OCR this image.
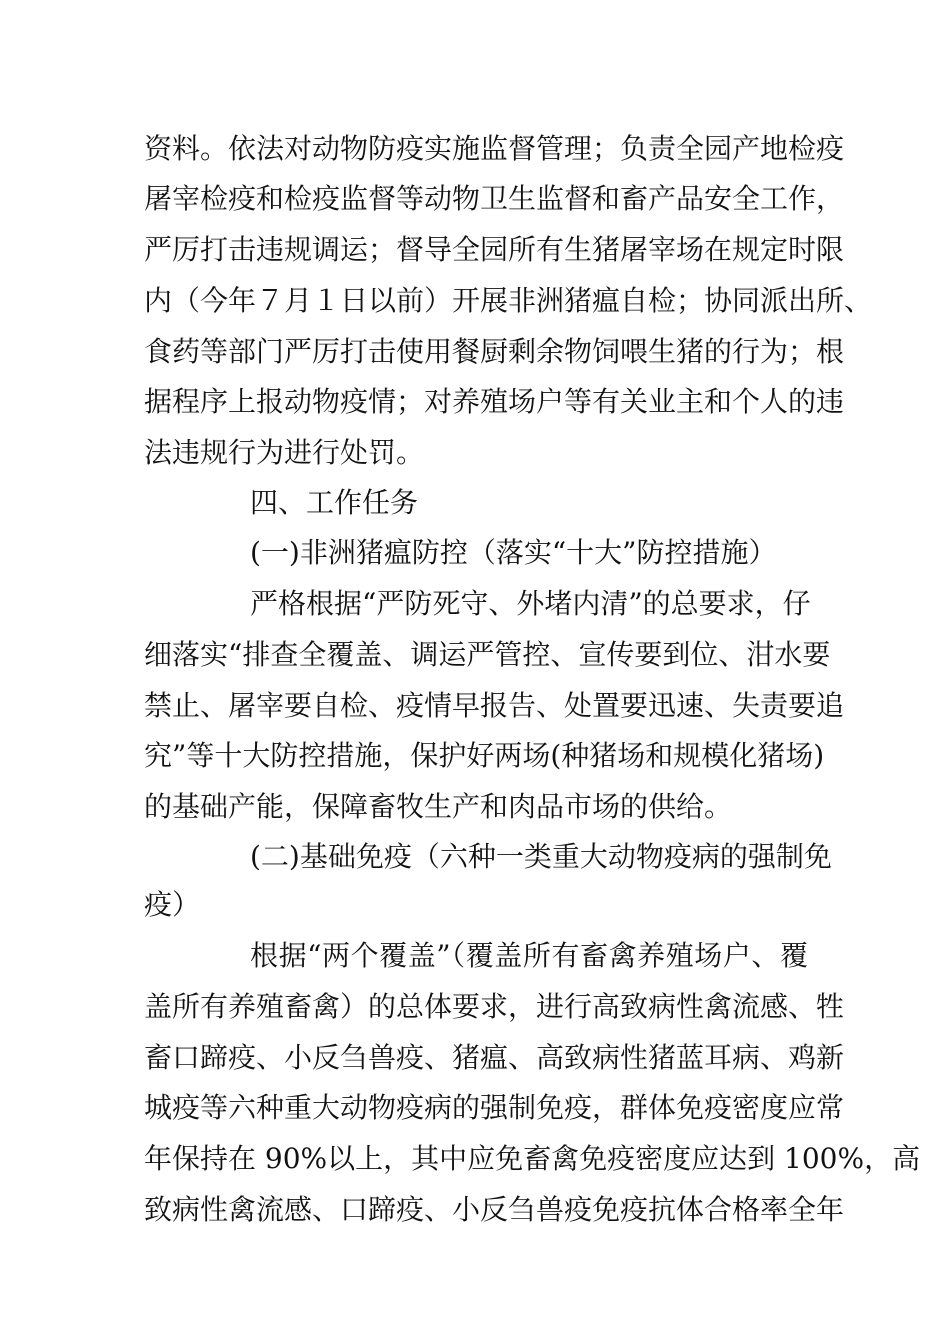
资料。依法对动物防疫实施监督管理；负责全园产地检疫
屠宰检疫和检疫监督等动物卫生监督和畜产品安全工作，
严厉打击违规调运；督导全园所有生猪屠宰场在规定时限
内（今年７月１日以前）开展非洲猪瘟自检；协同派出所、
食药等部门严厉打击使用餐厨剩余物饲喂生猪的行为；根
据程序上报动物疫情；对养殖场户等有关业主和个人的违
法违规行为进行处罚。
四、工作任务
(一)非洲猪瘟防控（落实“十大”防控措施）
严格根据“严防死守、外堵内清”的总要求，仔
细落实“排查全覆盖、调运严管控、宣传要到位、泔水要
禁止、屠宰要自检、疫情早报告、处置要迅速、失责要追
究”等十大防控措施，保护好两场(种猪场和规模化猪场)
的基础产能，保障畜牧生产和肉品市场的供给。
(二)基础免疫（六种一类重大动物疫病的强制免
疫）
根据“两个覆盖”（覆盖所有畜禽养殖场户、覆
盖所有养殖畜禽）的总体要求，进行高致病性禽流感、牲
畜口蹄疫、小反刍兽疫、猪瘟、高致病性猪蓝耳病、鸡新
城疫等六种重大动物疫病的强制免疫，群体免疫密度应常
年保持在 90%以上，其中应免畜禽免疫密度应达到 100%，高
致病性禽流感、口蹄疫、小反刍兽疫免疫抗体合格率全年
